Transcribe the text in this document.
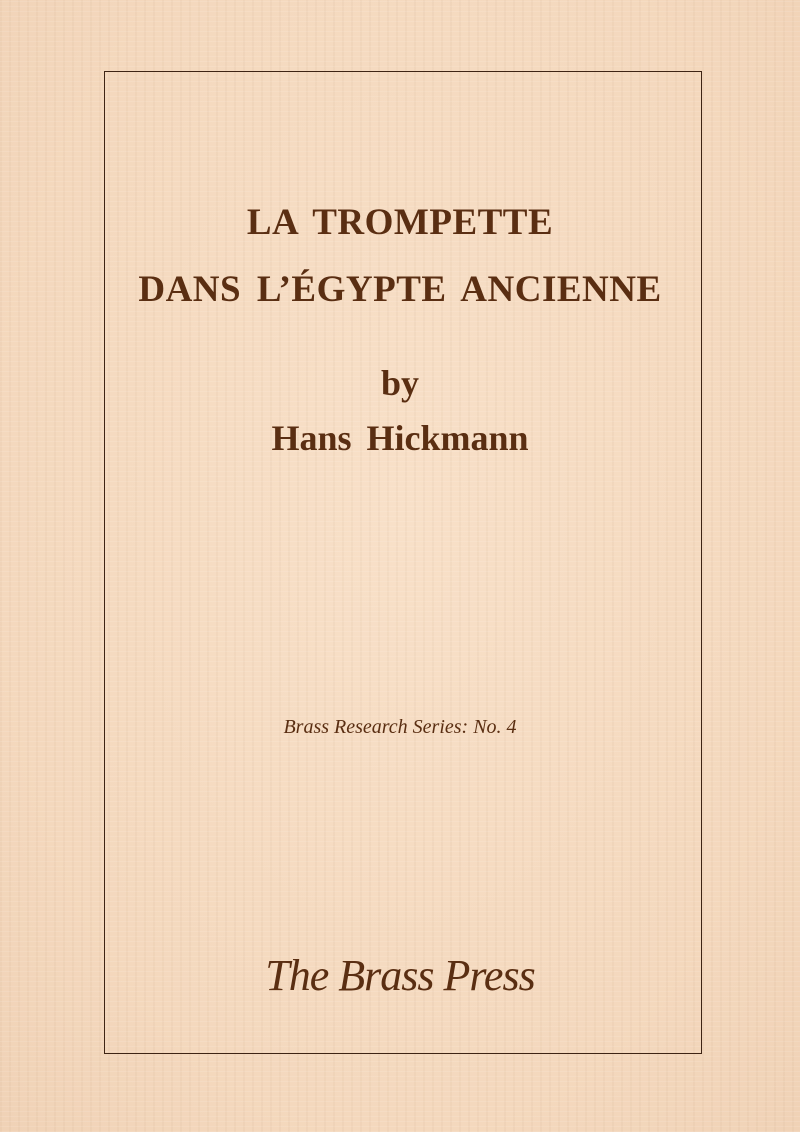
LA TROMPETTE
DANS L’ÉGYPTE ANCIENNE
by
Hans Hickmann
Brass Research Series: No. 4
The Brass Press
